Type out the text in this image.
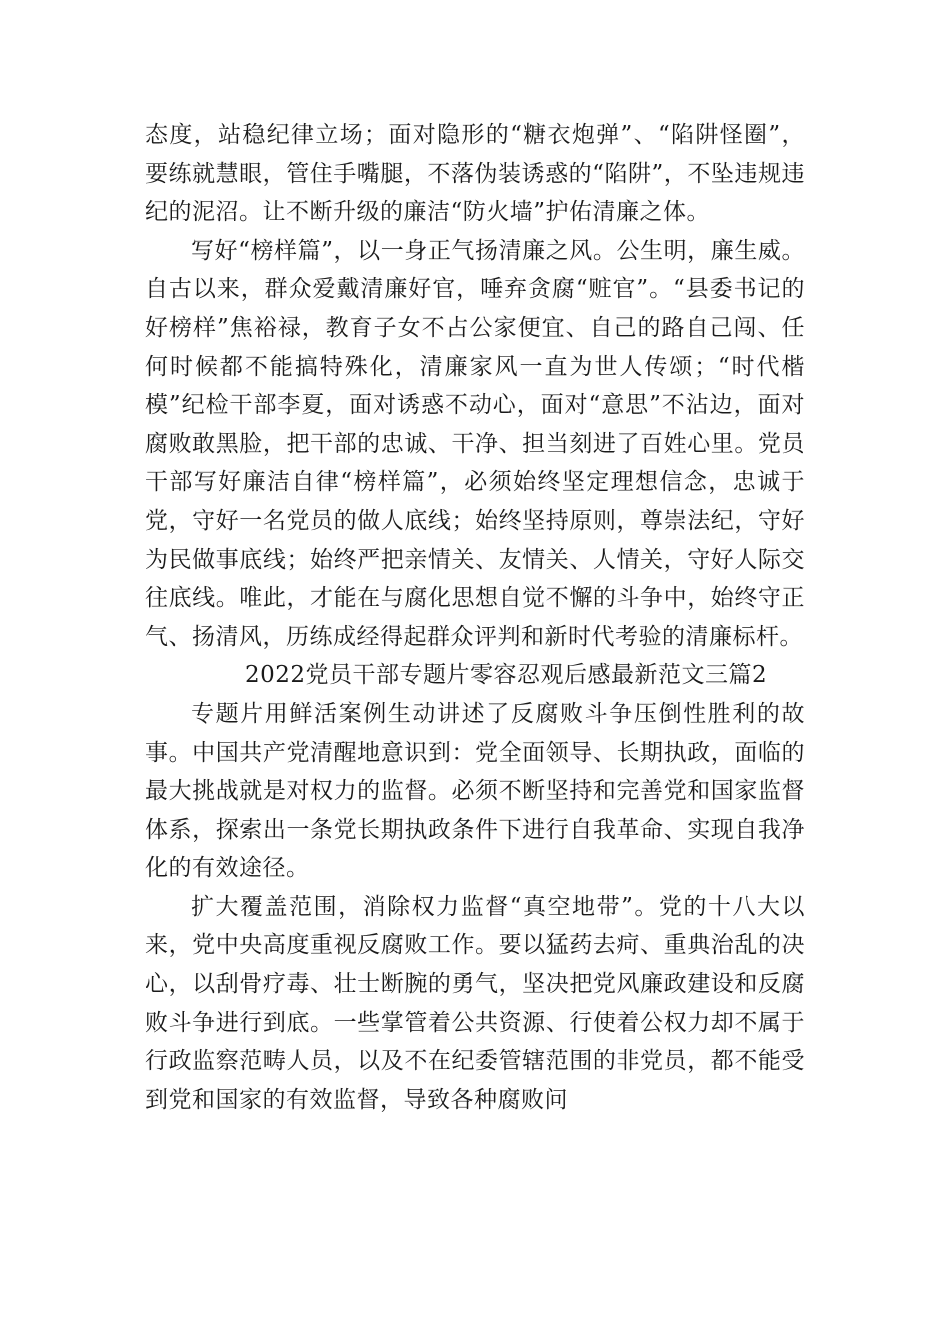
态度，站稳纪律立场；面对隐形的“糖衣炮弹”、“陷阱怪圈”，要练就慧眼，管住手嘴腿，不落伪装诱惑的“陷阱”，不坠违规违纪的泥沼。让不断升级的廉洁“防火墙”护佑清廉之体。

写好“榜样篇”，以一身正气扬清廉之风。公生明，廉生威。自古以来，群众爱戴清廉好官，唾弃贪腐“赃官”。“县委书记的好榜样”焦裕禄，教育子女不占公家便宜、自己的路自己闯、任何时候都不能搞特殊化，清廉家风一直为世人传颂；“时代楷模”纪检干部李夏，面对诱惑不动心，面对“意思”不沾边，面对腐败敢黑脸，把干部的忠诚、干净、担当刻进了百姓心里。党员干部写好廉洁自律“榜样篇”，必须始终坚定理想信念，忠诚于党，守好一名党员的做人底线；始终坚持原则，尊崇法纪，守好为民做事底线；始终严把亲情关、友情关、人情关，守好人际交往底线。唯此，才能在与腐化思想自觉不懈的斗争中，始终守正气、扬清风，历练成经得起群众评判和新时代考验的清廉标杆。

2022党员干部专题片零容忍观后感最新范文三篇2

专题片用鲜活案例生动讲述了反腐败斗争压倒性胜利的故事。中国共产党清醒地意识到：党全面领导、长期执政，面临的最大挑战就是对权力的监督。必须不断坚持和完善党和国家监督体系，探索出一条党长期执政条件下进行自我革命、实现自我净化的有效途径。

扩大覆盖范围，消除权力监督“真空地带”。党的十八大以来，党中央高度重视反腐败工作。要以猛药去疴、重典治乱的决心，以刮骨疗毒、壮士断腕的勇气，坚决把党风廉政建设和反腐败斗争进行到底。一些掌管着公共资源、行使着公权力却不属于行政监察范畴人员，以及不在纪委管辖范围的非党员，都不能受到党和国家的有效监督，导致各种腐败问
